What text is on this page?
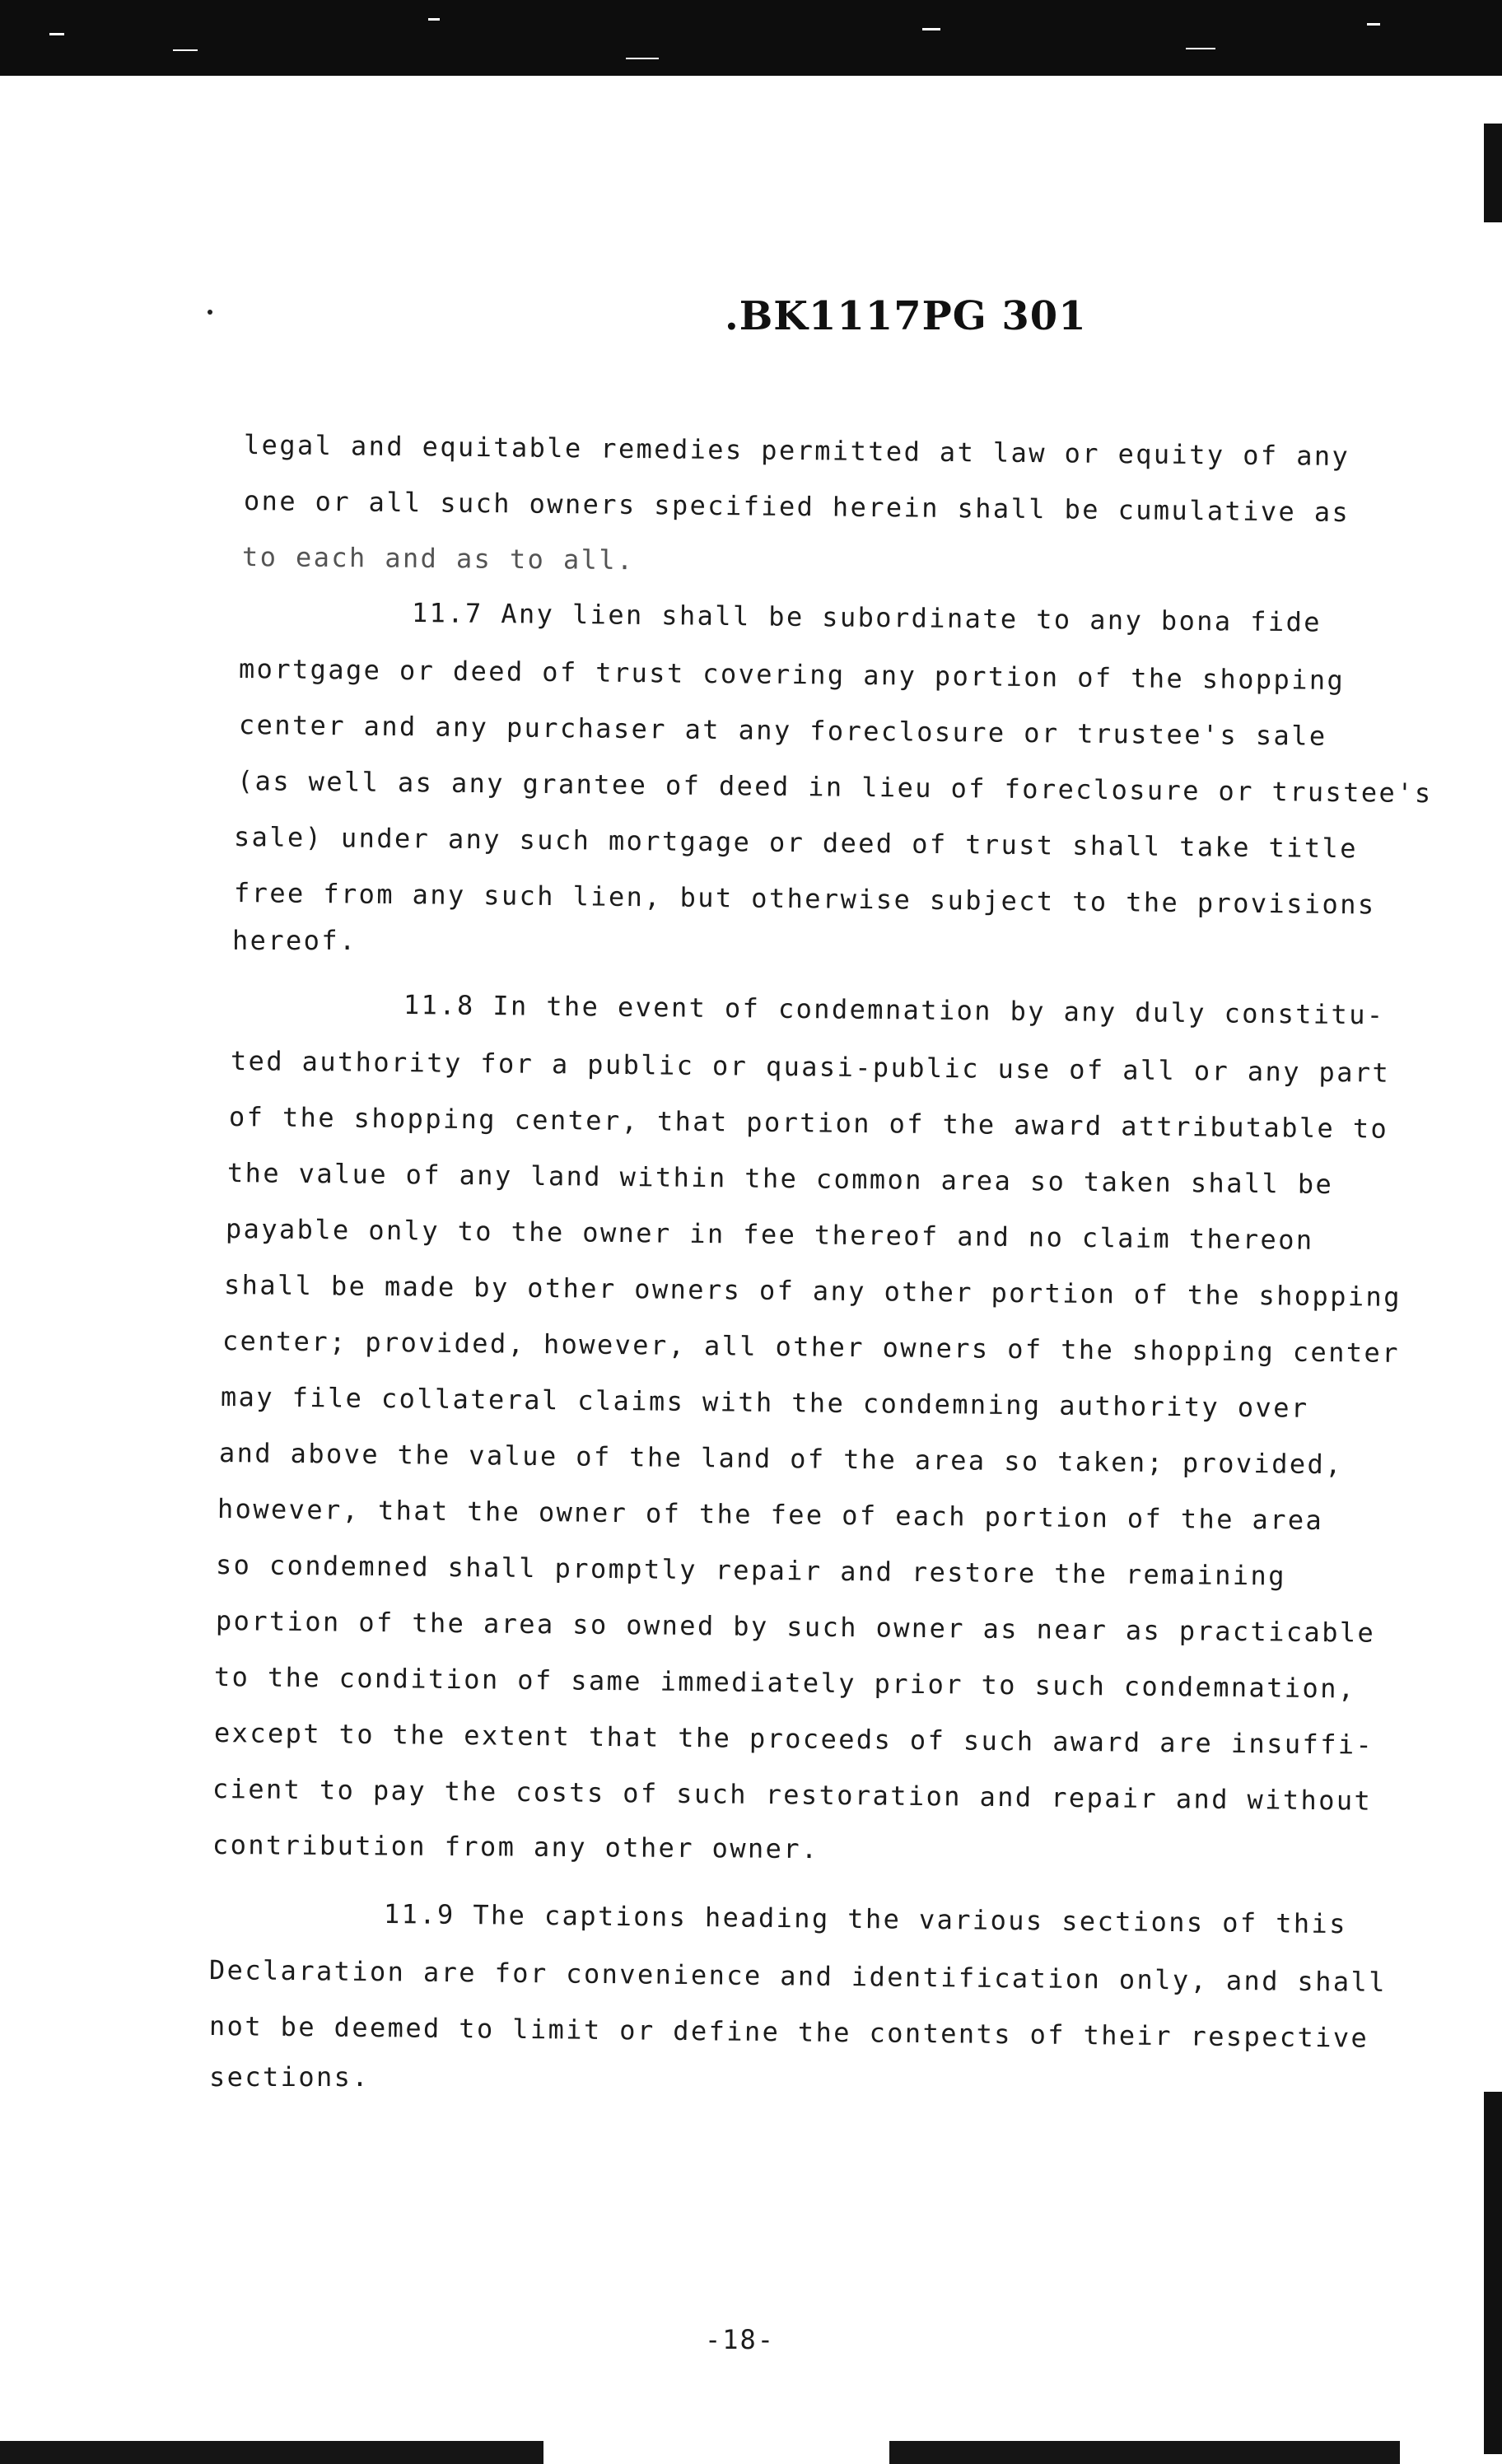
.BK1117PG 301
legal and equitable remedies permitted at law or equity of any
one or all such owners specified herein shall be cumulative as
to each and as to all.
11.7 Any lien shall be subordinate to any bona fide
mortgage or deed of trust covering any portion of the shopping
center and any purchaser at any foreclosure or trustee's sale
(as well as any grantee of deed in lieu of foreclosure or trustee's
sale) under any such mortgage or deed of trust shall take title
free from any such lien, but otherwise subject to the provisions
hereof.
11.8 In the event of condemnation by any duly constitu-
ted authority for a public or quasi-public use of all or any part
of the shopping center, that portion of the award attributable to
the value of any land within the common area so taken shall be
payable only to the owner in fee thereof and no claim thereon
shall be made by other owners of any other portion of the shopping
center; provided, however, all other owners of the shopping center
may file collateral claims with the condemning authority over
and above the value of the land of the area so taken; provided,
however, that the owner of the fee of each portion of the area
so condemned shall promptly repair and restore the remaining
portion of the area so owned by such owner as near as practicable
to the condition of same immediately prior to such condemnation,
except to the extent that the proceeds of such award are insuffi-
cient to pay the costs of such restoration and repair and without
contribution from any other owner.
11.9 The captions heading the various sections of this
Declaration are for convenience and identification only, and shall
not be deemed to limit or define the contents of their respective
sections.
-18-
